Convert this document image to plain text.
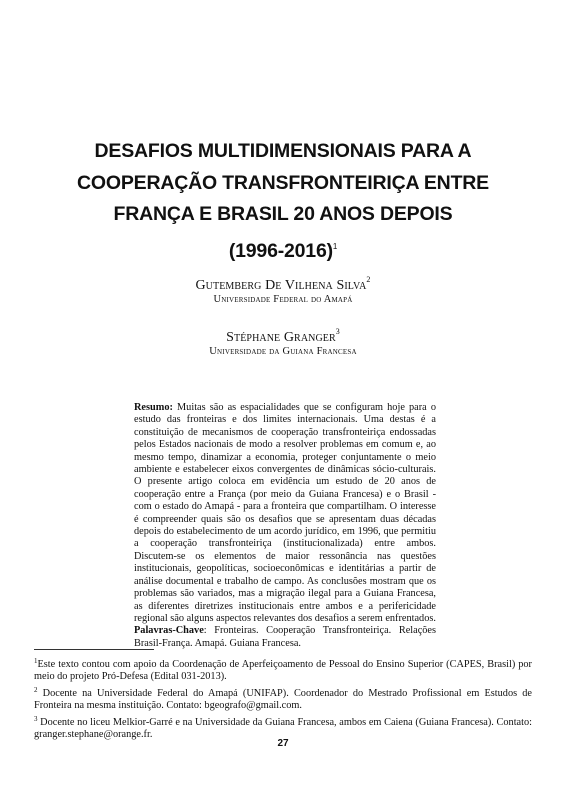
DESAFIOS MULTIDIMENSIONAIS PARA A
COOPERAÇÃO TRANSFRONTEIRIÇA ENTRE
FRANÇA E BRASIL 20 ANOS DEPOIS
(1996-2016)$^1$
Gutemberg De Vilhena Silva$^2$
Universidade Federal do Amapá
Stéphane Granger$^3$
Universidade da Guiana Francesa

Resumo: Muitas são as espacialidades que se configuram hoje para o estudo das fronteiras e dos limites internacionais. Uma destas é a constituição de mecanismos de cooperação transfronteiriça endossadas pelos Estados nacionais de modo a resolver problemas em comum e, ao mesmo tempo, dinamizar a economia, proteger conjuntamente o meio ambiente e estabelecer eixos convergentes de dinâmicas sócio-culturais. O presente artigo coloca em evidência um estudo de 20 anos de cooperação entre a França (por meio da Guiana Francesa) e o Brasil - com o estado do Amapá - para a fronteira que compartilham. O interesse é compreender quais são os desafios que se apresentam duas décadas depois do estabelecimento de um acordo jurídico, em 1996, que permitiu a cooperação transfronteiriça (institucionalizada) entre ambos. Discutem-se os elementos de maior ressonância nas questões institucionais, geopolíticas, socioeconômicas e identitárias a partir de análise documental e trabalho de campo. As conclusões mostram que os problemas são variados, mas a migração ilegal para a Guiana Francesa, as diferentes diretrizes institucionais entre ambos e a perifericidade regional são alguns aspectos relevantes dos desafios a serem enfrentados.

Palavras-Chave: Fronteiras. Cooperação Transfronteiriça. Relações Brasil-França. Amapá. Guiana Francesa.

$^1$Este texto contou com apoio da Coordenação de Aperfeiçoamento de Pessoal do Ensino Superior (CAPES, Brasil) por meio do projeto Pró-Defesa (Edital 031-2013).

$^2$ Docente na Universidade Federal do Amapá (UNIFAP). Coordenador do Mestrado Profissional em Estudos de Fronteira na mesma instituição. Contato: bgeografo@gmail.com.

$^3$ Docente no liceu Melkior-Garré e na Universidade da Guiana Francesa, ambos em Caiena (Guiana Francesa). Contato: granger.stephane@orange.fr.

27
